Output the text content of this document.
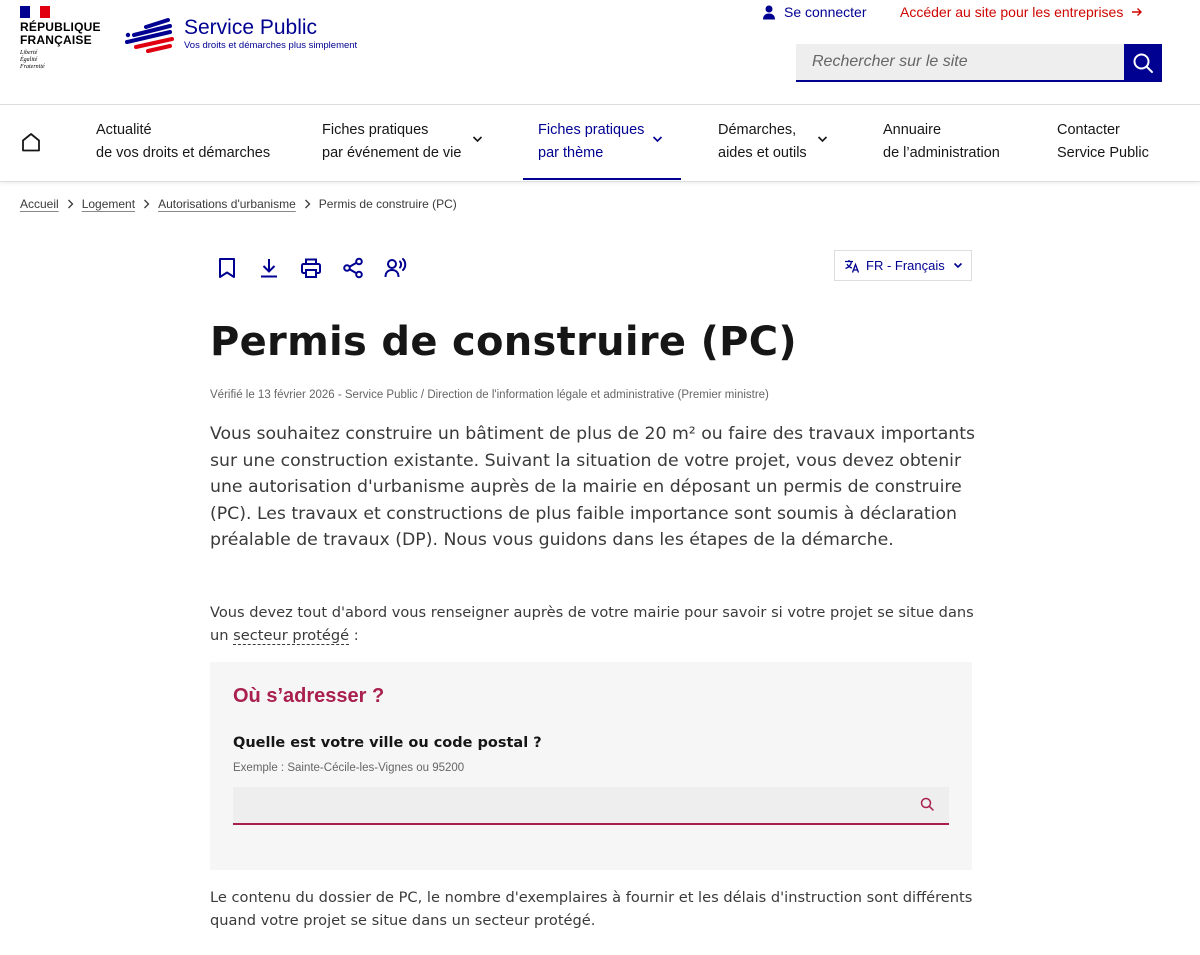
RÉPUBLIQUE
FRANÇAISE
Liberté
Égalité
Fraternité
Service Public
Vos droits et démarches plus simplement
Se connecter Accéder au site pour les entreprises
Rechercher sur le site
Actualité
de vos droits et démarches
Fiches pratiques
par événement de vie
Fiches pratiques
par thème
Démarches,
aides et outils
Annuaire
de l’administration
Contacter
Service Public
Accueil Logement Autorisations d'urbanisme Permis de construire (PC)
FR - Français
Permis de construire (PC)
Vérifié le 13 février 2026 - Service Public / Direction de l'information légale et administrative (Premier ministre)

Vous souhaitez construire un bâtiment de plus de 20 m² ou faire des travaux importants sur une construction existante. Suivant la situation de votre projet, vous devez obtenir une autorisation d'urbanisme auprès de la mairie en déposant un permis de construire (PC). Les travaux et constructions de plus faible importance sont soumis à déclaration préalable de travaux (DP). Nous vous guidons dans les étapes de la démarche.

Vous devez tout d'abord vous renseigner auprès de votre mairie pour savoir si votre projet se situe dans un secteur protégé :

Où s’adresser ?
Quelle est votre ville ou code postal ?
Exemple : Sainte-Cécile-les-Vignes ou 95200

Le contenu du dossier de PC, le nombre d'exemplaires à fournir et les délais d'instruction sont différents quand votre projet se situe dans un secteur protégé.
